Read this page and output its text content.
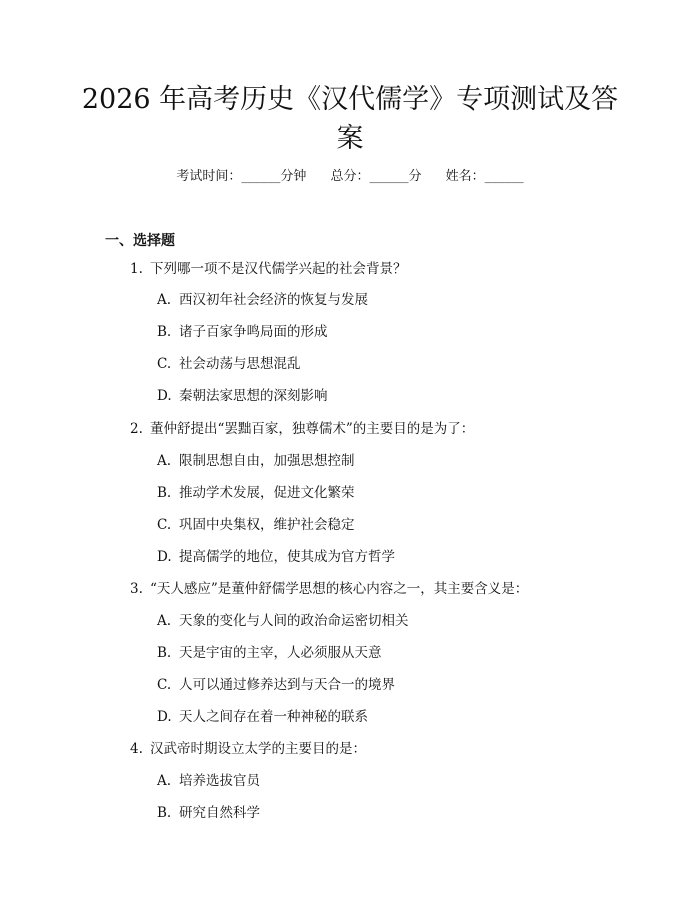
2026 年高考历史《汉代儒学》专项测试及答案
考试时间：______分钟 总分：______分 姓名：______
一、选择题
1. 下列哪一项不是汉代儒学兴起的社会背景？
A. 西汉初年社会经济的恢复与发展
B. 诸子百家争鸣局面的形成
C. 社会动荡与思想混乱
D. 秦朝法家思想的深刻影响
2. 董仲舒提出“罢黜百家，独尊儒术”的主要目的是为了：
A. 限制思想自由，加强思想控制
B. 推动学术发展，促进文化繁荣
C. 巩固中央集权，维护社会稳定
D. 提高儒学的地位，使其成为官方哲学
3. “天人感应”是董仲舒儒学思想的核心内容之一，其主要含义是：
A. 天象的变化与人间的政治命运密切相关
B. 天是宇宙的主宰，人必须服从天意
C. 人可以通过修养达到与天合一的境界
D. 天人之间存在着一种神秘的联系
4. 汉武帝时期设立太学的主要目的是：
A. 培养选拔官员
B. 研究自然科学
